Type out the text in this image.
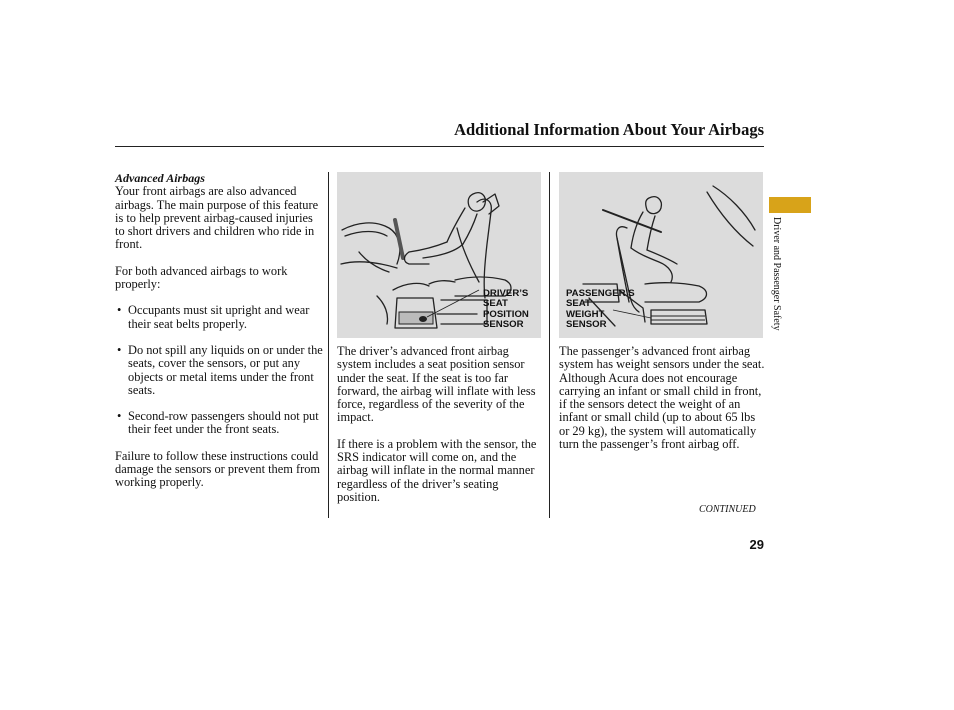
Additional Information About Your Airbags

Advanced Airbags

Your front airbags are also advanced airbags. The main purpose of this feature is to help prevent airbag-caused injuries to short drivers and children who ride in front.

For both advanced airbags to work properly:

• Occupants must sit upright and wear their seat belts properly.
• Do not spill any liquids on or under the seats, cover the sensors, or put any objects or metal items under the front seats.
• Second-row passengers should not put their feet under the front seats.

Failure to follow these instructions could damage the sensors or prevent them from working properly.

DRIVER’S
SEAT
POSITION
SENSOR
PASSENGER’S
SEAT
WEIGHT
SENSOR

The driver’s advanced front airbag system includes a seat position sensor under the seat. If the seat is too far forward, the airbag will inflate with less force, regardless of the severity of the impact.

If there is a problem with the sensor, the SRS indicator will come on, and the airbag will inflate in the normal manner regardless of the driver’s seating position.

The passenger’s advanced front airbag system has weight sensors under the seat. Although Acura does not encourage carrying an infant or small child in front, if the sensors detect the weight of an infant or small child (up to about 65 lbs or 29 kg), the system will automatically turn the passenger’s front airbag off.

Driver and Passenger Safety
CONTINUED
29
